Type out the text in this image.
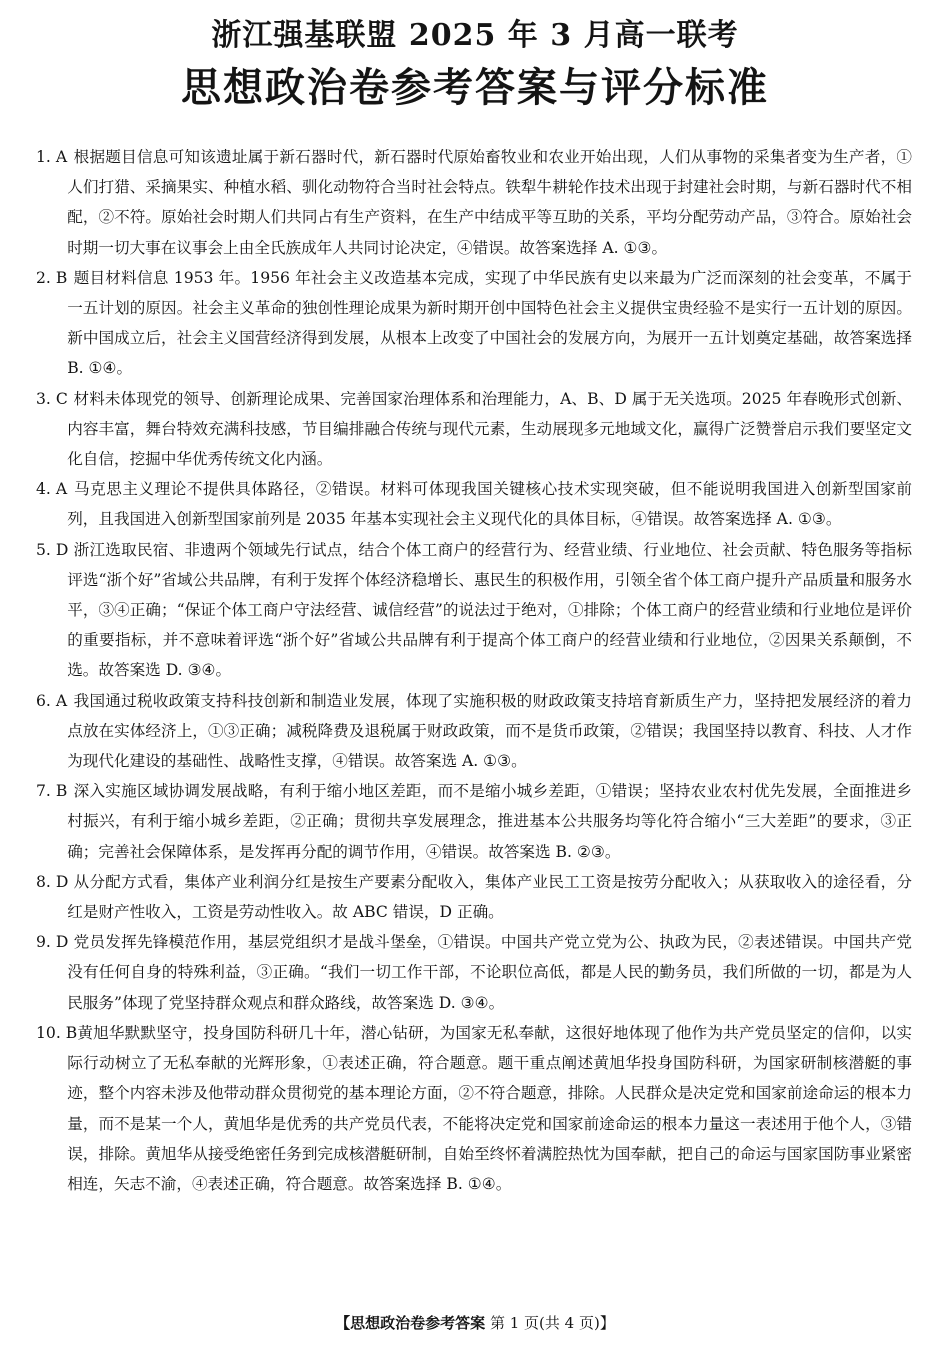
浙江强基联盟 2025 年 3 月高一联考
思想政治卷参考答案与评分标准
1. A 根据题目信息可知该遗址属于新石器时代，新石器时代原始畜牧业和农业开始出现，人们从事物的采集者变为生产者，①人们打猎、采摘果实、种植水稻、驯化动物符合当时社会特点。铁犁牛耕轮作技术出现于封建社会时期，与新石器时代不相配，②不符。原始社会时期人们共同占有生产资料，在生产中结成平等互助的关系，平均分配劳动产品，③符合。原始社会时期一切大事在议事会上由全氏族成年人共同讨论决定，④错误。故答案选择 A. ①③。
2. B 题目材料信息 1953 年。1956 年社会主义改造基本完成，实现了中华民族有史以来最为广泛而深刻的社会变革，不属于一五计划的原因。社会主义革命的独创性理论成果为新时期开创中国特色社会主义提供宝贵经验不是实行一五计划的原因。新中国成立后，社会主义国营经济得到发展，从根本上改变了中国社会的发展方向，为展开一五计划奠定基础，故答案选择 B. ①④。
3. C 材料未体现党的领导、创新理论成果、完善国家治理体系和治理能力，A、B、D 属于无关选项。2025 年春晚形式创新、内容丰富，舞台特效充满科技感，节目编排融合传统与现代元素，生动展现多元地域文化，赢得广泛赞誉启示我们要坚定文化自信，挖掘中华优秀传统文化内涵。
4. A 马克思主义理论不提供具体路径，②错误。材料可体现我国关键核心技术实现突破，但不能说明我国进入创新型国家前列，且我国进入创新型国家前列是 2035 年基本实现社会主义现代化的具体目标，④错误。故答案选择 A. ①③。
5. D 浙江选取民宿、非遗两个领域先行试点，结合个体工商户的经营行为、经营业绩、行业地位、社会贡献、特色服务等指标评选“浙个好”省域公共品牌，有利于发挥个体经济稳增长、惠民生的积极作用，引领全省个体工商户提升产品质量和服务水平，③④正确；“保证个体工商户守法经营、诚信经营”的说法过于绝对，①排除；个体工商户的经营业绩和行业地位是评价的重要指标，并不意味着评选“浙个好”省域公共品牌有利于提高个体工商户的经营业绩和行业地位，②因果关系颠倒，不选。故答案选 D. ③④。
6. A 我国通过税收政策支持科技创新和制造业发展，体现了实施积极的财政政策支持培育新质生产力，坚持把发展经济的着力点放在实体经济上，①③正确；减税降费及退税属于财政政策，而不是货币政策，②错误；我国坚持以教育、科技、人才作为现代化建设的基础性、战略性支撑，④错误。故答案选 A. ①③。
7. B 深入实施区域协调发展战略，有利于缩小地区差距，而不是缩小城乡差距，①错误；坚持农业农村优先发展，全面推进乡村振兴，有利于缩小城乡差距，②正确；贯彻共享发展理念，推进基本公共服务均等化符合缩小“三大差距”的要求，③正确；完善社会保障体系，是发挥再分配的调节作用，④错误。故答案选 B. ②③。
8. D 从分配方式看，集体产业利润分红是按生产要素分配收入，集体产业民工工资是按劳分配收入；从获取收入的途径看，分红是财产性收入，工资是劳动性收入。故 ABC 错误，D 正确。
9. D 党员发挥先锋模范作用，基层党组织才是战斗堡垒，①错误。中国共产党立党为公、执政为民，②表述错误。中国共产党没有任何自身的特殊利益，③正确。“我们一切工作干部，不论职位高低，都是人民的勤务员，我们所做的一切，都是为人民服务”体现了党坚持群众观点和群众路线，故答案选 D. ③④。
10. B黄旭华默默坚守，投身国防科研几十年，潜心钻研，为国家无私奉献，这很好地体现了他作为共产党员坚定的信仰，以实际行动树立了无私奉献的光辉形象，①表述正确，符合题意。题干重点阐述黄旭华投身国防科研，为国家研制核潜艇的事迹，整个内容未涉及他带动群众贯彻党的基本理论方面，②不符合题意，排除。人民群众是决定党和国家前途命运的根本力量，而不是某一个人，黄旭华是优秀的共产党员代表，不能将决定党和国家前途命运的根本力量这一表述用于他个人，③错误，排除。黄旭华从接受绝密任务到完成核潜艇研制，自始至终怀着满腔热忱为国奉献，把自己的命运与国家国防事业紧密相连，矢志不渝，④表述正确，符合题意。故答案选择 B. ①④。
【思想政治卷参考答案 第 1 页(共 4 页)】
